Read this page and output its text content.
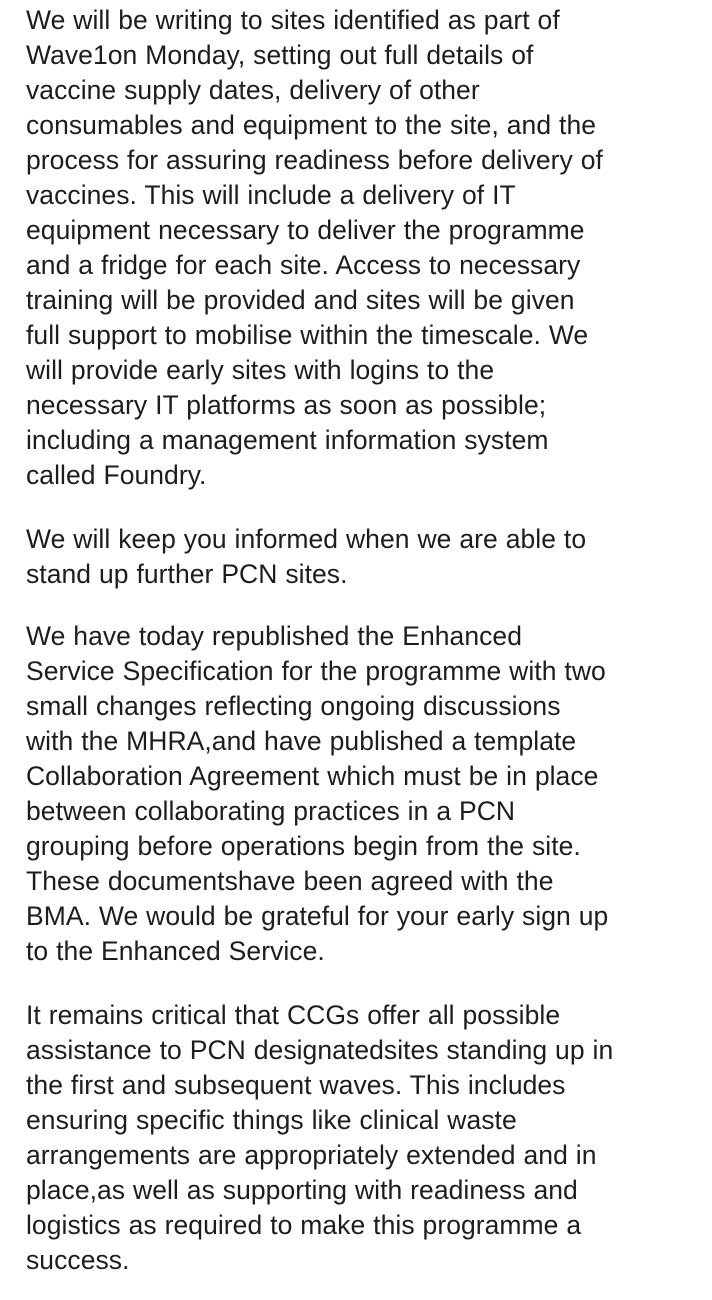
We will be writing to sites identified as part of
Wave1on Monday, setting out full details of
vaccine supply dates, delivery of other
consumables and equipment to the site, and the
process for assuring readiness before delivery of
vaccines. This will include a delivery of IT
equipment necessary to deliver the programme
and a fridge for each site. Access to necessary
training will be provided and sites will be given
full support to mobilise within the timescale. We
will provide early sites with logins to the
necessary IT platforms as soon as possible;
including a management information system
called Foundry.

We will keep you informed when we are able to
stand up further PCN sites.

We have today republished the Enhanced
Service Specification for the programme with two
small changes reflecting ongoing discussions
with the MHRA,and have published a template
Collaboration Agreement which must be in place
between collaborating practices in a PCN
grouping before operations begin from the site.
These documentshave been agreed with the
BMA. We would be grateful for your early sign up
to the Enhanced Service.

It remains critical that CCGs offer all possible
assistance to PCN designatedsites standing up in
the first and subsequent waves. This includes
ensuring specific things like clinical waste
arrangements are appropriately extended and in
place,as well as supporting with readiness and
logistics as required to make this programme a
success.
